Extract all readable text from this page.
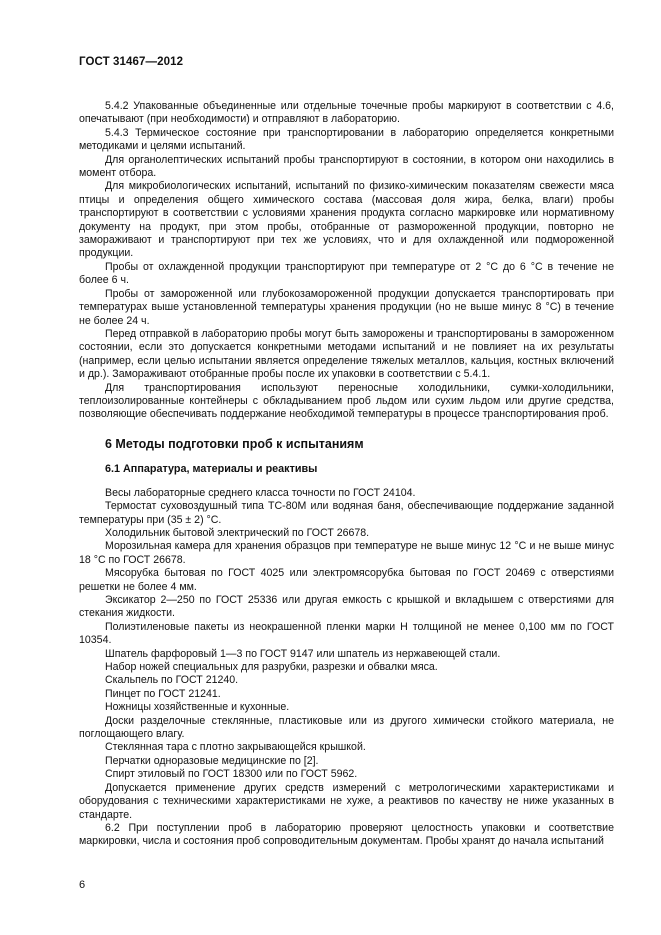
ГОСТ 31467—2012

5.4.2 Упакованные объединенные или отдельные точечные пробы маркируют в соответствии с 4.6, опечатывают (при необходимости) и отправляют в лабораторию.

5.4.3 Термическое состояние при транспортировании в лабораторию определяется конкретными методиками и целями испытаний.

Для органолептических испытаний пробы транспортируют в состоянии, в котором они находились в момент отбора.

Для микробиологических испытаний, испытаний по физико-химическим показателям свежести мяса птицы и определения общего химического состава (массовая доля жира, белка, влаги) пробы транспортируют в соответствии с условиями хранения продукта согласно маркировке или нормативному документу на продукт, при этом пробы, отобранные от размороженной продукции, повторно не замораживают и транспортируют при тех же условиях, что и для охлажденной или подмороженной продукции.

Пробы от охлажденной продукции транспортируют при температуре от 2 °С до 6 °С в течение не более 6 ч.

Пробы от замороженной или глубокозамороженной продукции допускается транспортировать при температурах выше установленной температуры хранения продукции (но не выше минус 8 °С) в течение не более 24 ч.

Перед отправкой в лабораторию пробы могут быть заморожены и транспортированы в замороженном состоянии, если это допускается конкретными методами испытаний и не повлияет на их результаты (например, если целью испытании является определение тяжелых металлов, кальция, костных включений и др.). Замораживают отобранные пробы после их упаковки в соответствии с 5.4.1.

Для транспортирования используют переносные холодильники, сумки-холодильники, теплоизолированные контейнеры с обкладыванием проб льдом или сухим льдом или другие средства, позволяющие обеспечивать поддержание необходимой температуры в процессе транспортирования проб.

6 Методы подготовки проб к испытаниям
6.1 Аппаратура, материалы и реактивы

Весы лабораторные среднего класса точности по ГОСТ 24104.

Термостат суховоздушный типа ТС-80М или водяная баня, обеспечивающие поддержание заданной температуры при (35 ± 2) °С.

Холодильник бытовой электрический по ГОСТ 26678.

Морозильная камера для хранения образцов при температуре не выше минус 12 °С и не выше минус 18 °С по ГОСТ 26678.

Мясорубка бытовая по ГОСТ 4025 или электромясорубка бытовая по ГОСТ 20469 с отверстиями решетки не более 4 мм.

Эксикатор 2—250 по ГОСТ 25336 или другая емкость с крышкой и вкладышем с отверстиями для стекания жидкости.

Полиэтиленовые пакеты из неокрашенной пленки марки Н толщиной не менее 0,100 мм по ГОСТ 10354.

Шпатель фарфоровый 1—3 по ГОСТ 9147 или шпатель из нержавеющей стали.

Набор ножей специальных для разрубки, разрезки и обвалки мяса.

Скальпель по ГОСТ 21240.

Пинцет по ГОСТ 21241.

Ножницы хозяйственные и кухонные.

Доски разделочные стеклянные, пластиковые или из другого химически стойкого материала, не поглощающего влагу.

Стеклянная тара с плотно закрывающейся крышкой.

Перчатки одноразовые медицинские по [2].

Спирт этиловый по ГОСТ 18300 или по ГОСТ 5962.

Допускается применение других средств измерений с метрологическими характеристиками и оборудования с техническими характеристиками не хуже, а реактивов по качеству не ниже указанных в стандарте.

6.2 При поступлении проб в лабораторию проверяют целостность упаковки и соответствие маркировки, числа и состояния проб сопроводительным документам. Пробы хранят до начала испытаний

6
